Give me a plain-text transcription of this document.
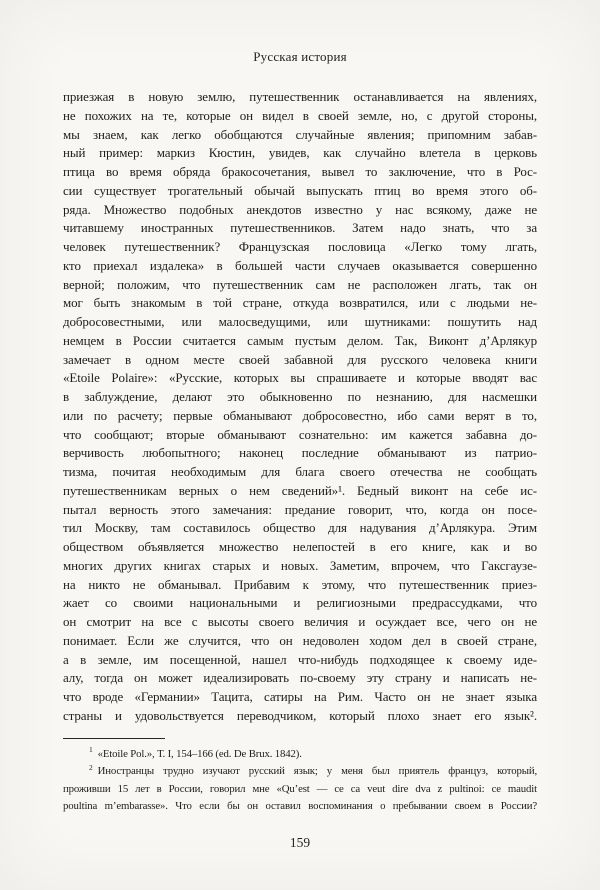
Русская история
приезжая в новую землю, путешественник останавливается на явлениях,
не похожих на те, которые он видел в своей земле, но, с другой стороны,
мы знаем, как легко обобщаются случайные явления; припомним забав-
ный пример: маркиз Кюстин, увидев, как случайно влетела в церковь
птица во время обряда бракосочетания, вывел то заключение, что в Рос-
сии существует трогательный обычай выпускать птиц во время этого об-
ряда. Множество подобных анекдотов известно у нас всякому, даже не
читавшему иностранных путешественников. Затем надо знать, что за
человек путешественник? Французская пословица «Легко тому лгать,
кто приехал издалека» в большей части случаев оказывается совершенно
верной; положим, что путешественник сам не расположен лгать, так он
мог быть знакомым в той стране, откуда возвратился, или с людьми не-
добросовестными, или малосведущими, или шутниками: пошутить над
немцем в России считается самым пустым делом. Так, Виконт д’Арлякур
замечает в одном месте своей забавной для русского человека книги
«Etoile Polaire»: «Русские, которых вы спрашиваете и которые вводят вас
в заблуждение, делают это обыкновенно по незнанию, для насмешки
или по расчету; первые обманывают добросовестно, ибо сами верят в то,
что сообщают; вторые обманывают сознательно: им кажется забавна до-
верчивость любопытного; наконец последние обманывают из патрио-
тизма, почитая необходимым для блага своего отечества не сообщать
путешественникам верных о нем сведений»¹. Бедный виконт на себе ис-
пытал верность этого замечания: предание говорит, что, когда он посе-
тил Москву, там составилось общество для надувания д’Арлякура. Этим
обществом объявляется множество нелепостей в его книге, как и во
многих других книгах старых и новых. Заметим, впрочем, что Гаксгаузе-
на никто не обманывал. Прибавим к этому, что путешественник приез-
жает со своими национальными и религиозными предрассудками, что
он смотрит на все с высоты своего величия и осуждает все, чего он не
понимает. Если же случится, что он недоволен ходом дел в своей стране,
а в земле, им посещенной, нашел что-нибудь подходящее к своему иде-
алу, тогда он может идеализировать по-своему эту страну и написать не-
что вроде «Германии» Тацита, сатиры на Рим. Часто он не знает языка
страны и удовольствуется переводчиком, который плохо знает его язык².
$^1$ «Etoile Pol.», Т. I, 154–166 (ed. De Brux. 1842).
$^2$ Иностранцы трудно изучают русский язык; у меня был приятель француз, который,
проживши 15 лет в России, говорил мне «Qu’est — ce ca veut dire dva z pultinoi: ce maudit
poultina m’embarasse». Что если бы он оставил воспоминания о пребывании своем в России?
159
